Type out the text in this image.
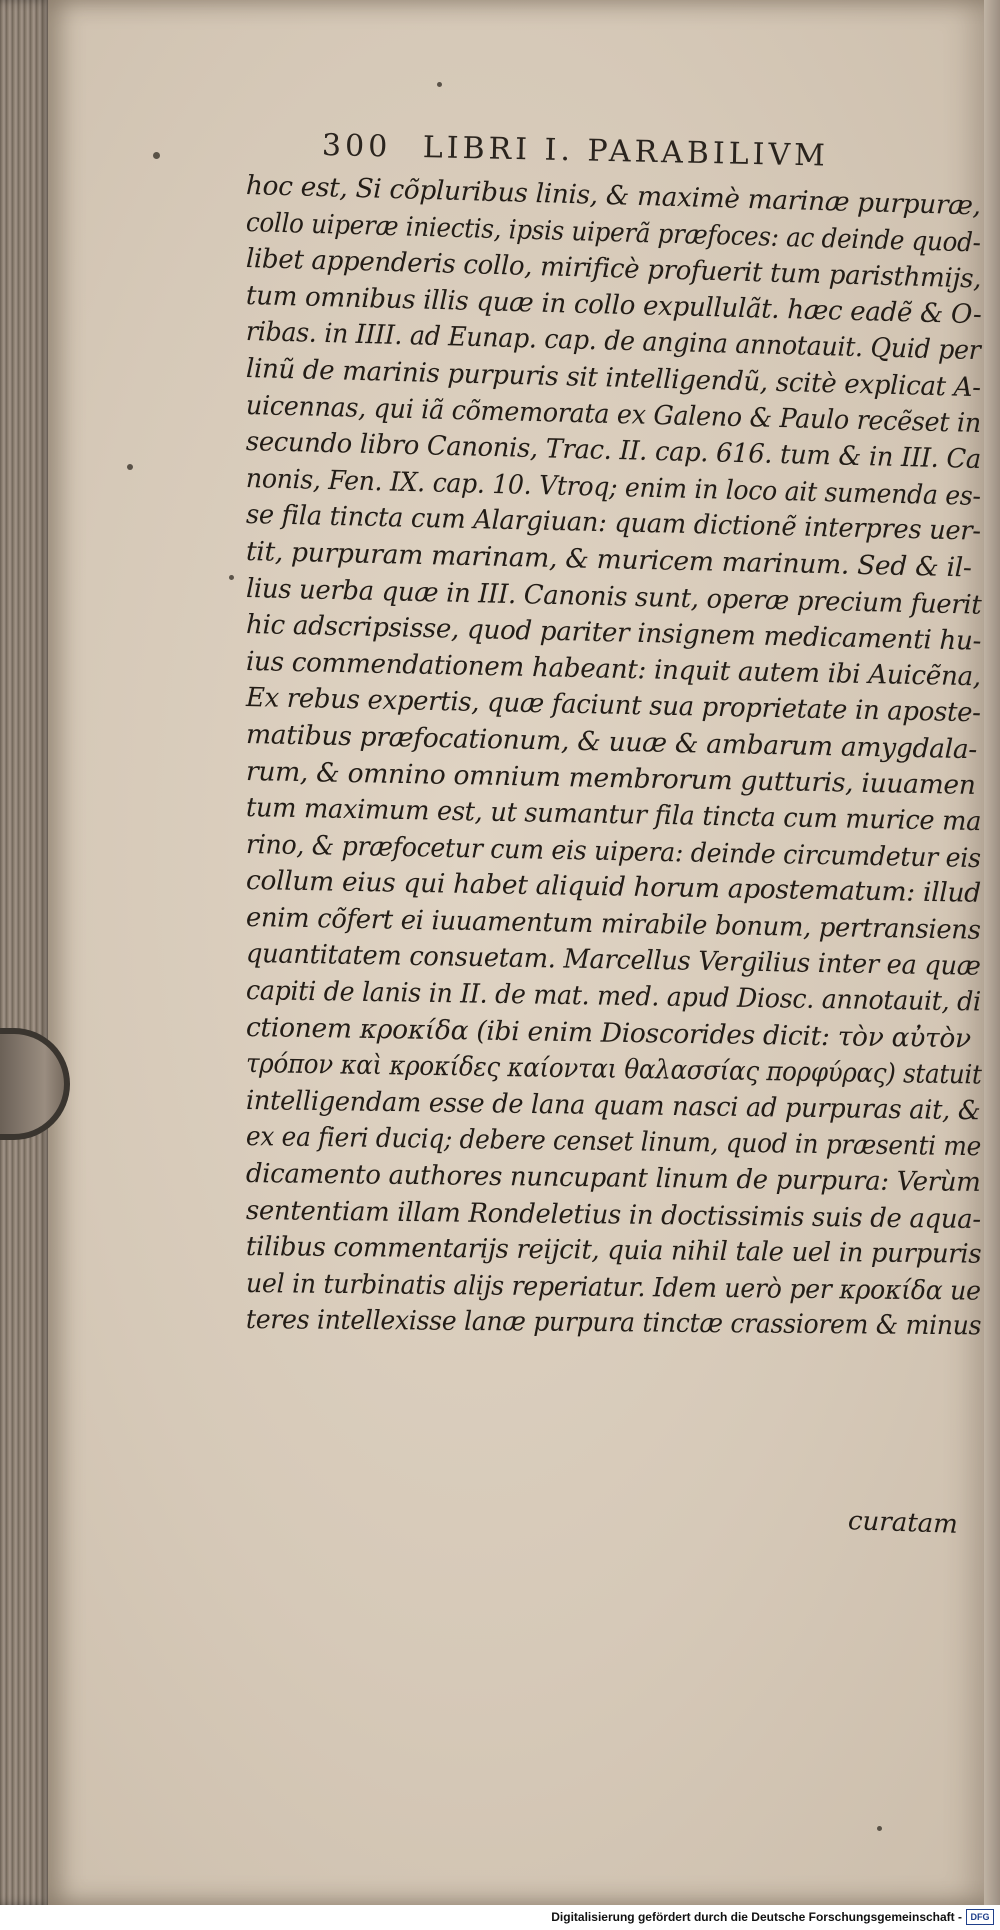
300 LIBRI I. PARABILIVM
hoc est, Si cõpluribus linis, & maximè marinæ purpuræ,
collo uiperæ iniectis, ipsis uiperã præfoces: ac deinde quod-
libet appenderis collo, mirificè profuerit tum paristhmijs,
tum omnibus illis quæ in collo expullulãt. hæc eadẽ & O-
ribas. in IIII. ad Eunap. cap. de angina annotauit. Quid per
linũ de marinis purpuris sit intelligendũ, scitè explicat A-
uicennas, qui iã cõmemorata ex Galeno & Paulo recẽset in
secundo libro Canonis, Trac. II. cap. 616. tum & in III. Ca
nonis, Fen. IX. cap. 10. Vtroq; enim in loco ait sumenda es-
se fila tincta cum Alargiuan: quam dictionẽ interpres uer-
tit, purpuram marinam, & muricem marinum. Sed & il-
lius uerba quæ in III. Canonis sunt, operæ precium fuerit
hic adscripsisse, quod pariter insignem medicamenti hu-
ius commendationem habeant: inquit autem ibi Auicẽna,
Ex rebus expertis, quæ faciunt sua proprietate in aposte-
matibus præfocationum, & uuæ & ambarum amygdala-
rum, & omnino omnium membrorum gutturis, iuuamen
tum maximum est, ut sumantur fila tincta cum murice ma
rino, & præfocetur cum eis uipera: deinde circumdetur eis
collum eius qui habet aliquid horum apostematum: illud
enim cõfert ei iuuamentum mirabile bonum, pertransiens
quantitatem consuetam. Marcellus Vergilius inter ea quæ
capiti de lanis in II. de mat. med. apud Diosc. annotauit, di
ctionem κροκίδα (ibi enim Dioscorides dicit: τὸν αὐτὸν
τρόπον καὶ κροκίδες καίονται θαλασσίας πορφύρας) statuit
intelligendam esse de lana quam nasci ad purpuras ait, &
ex ea fieri duciq; debere censet linum, quod in præsenti me
dicamento authores nuncupant linum de purpura: Verùm
sententiam illam Rondeletius in doctissimis suis de aqua-
tilibus commentarijs reijcit, quia nihil tale uel in purpuris
uel in turbinatis alijs reperiatur. Idem uerò per κροκίδα ue
teres intellexisse lanæ purpura tinctæ crassiorem & minus
curatam
Digitalisierung gefördert durch die Deutsche Forschungsgemeinschaft - DFG
